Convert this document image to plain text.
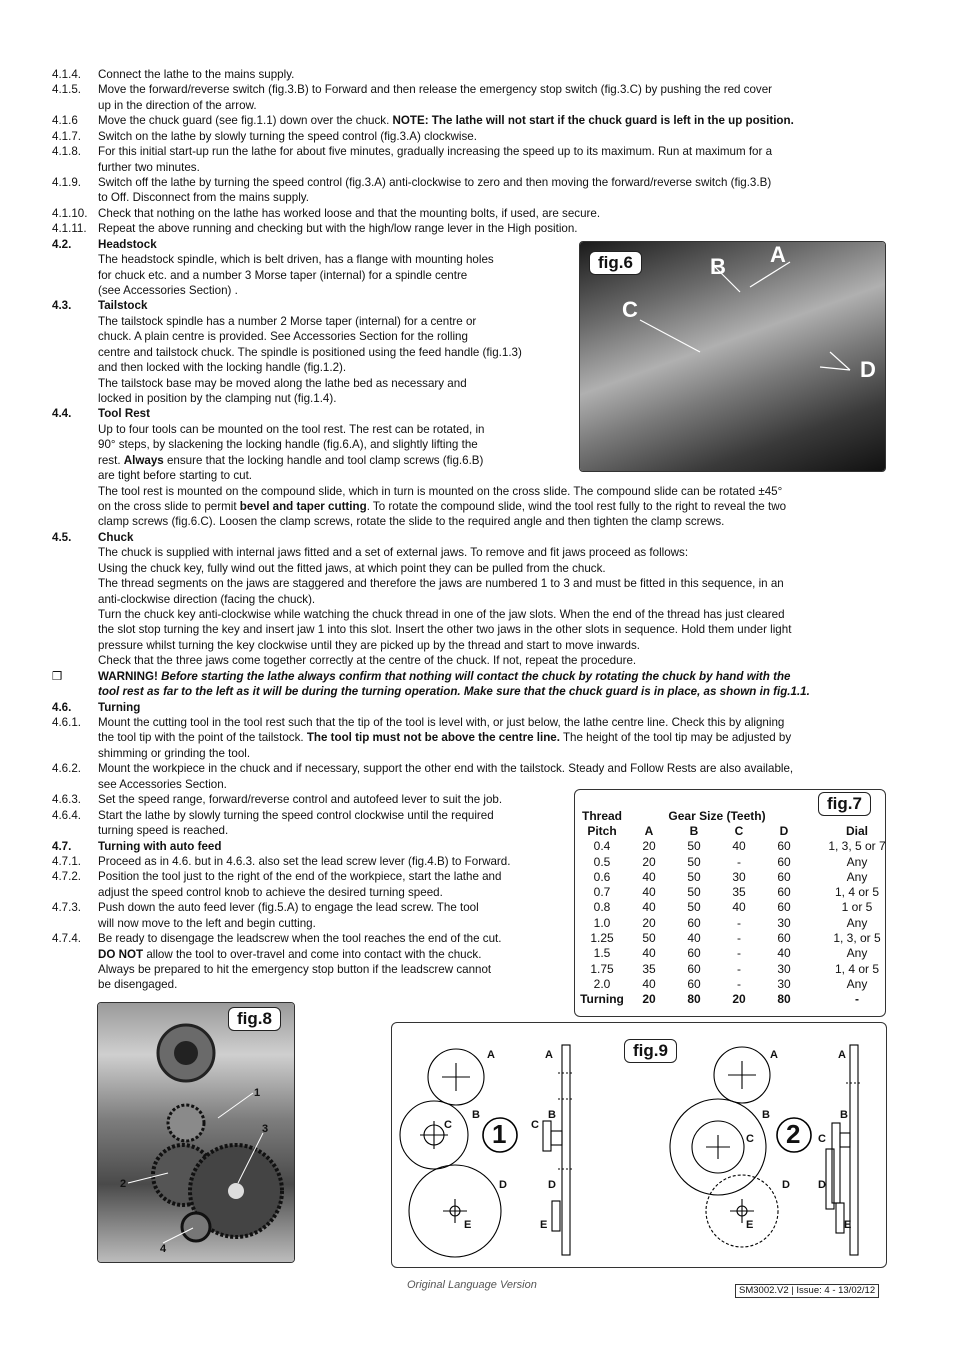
4.1.4. Connect the lathe to the mains supply.
4.1.5. Move the forward/reverse switch (fig.3.B) to Forward and then release the emergency stop switch (fig.3.C) by pushing the red cover
up in the direction of the arrow.
4.1.6 Move the chuck guard (see fig.1.1) down over the chuck. NOTE: The lathe will not start if the chuck guard is left in the up position.
4.1.7. Switch on the lathe by slowly turning the speed control (fig.3.A) clockwise.
4.1.8. For this initial start-up run the lathe for about five minutes, gradually increasing the speed up to its maximum. Run at maximum for a
further two minutes.
4.1.9. Switch off the lathe by turning the speed control (fig.3.A) anti-clockwise to zero and then moving the forward/reverse switch (fig.3.B)
to Off. Disconnect from the mains supply.
4.1.10. Check that nothing on the lathe has worked loose and that the mounting bolts, if used, are secure.
4.1.11. Repeat the above running and checking but with the high/low range lever in the High position.
4.2. Headstock
The headstock spindle, which is belt driven, has a flange with mounting holes
for chuck etc. and a number 3 Morse taper (internal) for a spindle centre
(see Accessories Section) .
4.3. Tailstock
The tailstock spindle has a number 2 Morse taper (internal) for a centre or
chuck. A plain centre is provided. See Accessories Section for the rolling
centre and tailstock chuck. The spindle is positioned using the feed handle (fig.1.3)
and then locked with the locking handle (fig.1.2).
The tailstock base may be moved along the lathe bed as necessary and
locked in position by the clamping nut (fig.1.4).
4.4. Tool Rest
Up to four tools can be mounted on the tool rest. The rest can be rotated, in
90° steps, by slackening the locking handle (fig.6.A), and slightly lifting the
rest. Always ensure that the locking handle and tool clamp screws (fig.6.B)
are tight before starting to cut.
The tool rest is mounted on the compound slide, which in turn is mounted on the cross slide. The compound slide can be rotated ±45°
on the cross slide to permit bevel and taper cutting. To rotate the compound slide, wind the tool rest fully to the right to reveal the two
clamp screws (fig.6.C). Loosen the clamp screws, rotate the slide to the required angle and then tighten the clamp screws.
4.5. Chuck
The chuck is supplied with internal jaws fitted and a set of external jaws. To remove and fit jaws proceed as follows:
Using the chuck key, fully wind out the fitted jaws, at which point they can be pulled from the chuck.
The thread segments on the jaws are staggered and therefore the jaws are numbered 1 to 3 and must be fitted in this sequence, in an
anti-clockwise direction (facing the chuck).
Turn the chuck key anti-clockwise while watching the chuck thread in one of the jaw slots. When the end of the thread has just cleared
the slot stop turning the key and insert jaw 1 into this slot. Insert the other two jaws in the other slots in sequence. Hold them under light
pressure whilst turning the key clockwise until they are picked up by the thread and start to move inwards.
Check that the three jaws come together correctly at the centre of the chuck. If not, repeat the procedure.
❒	WARNING! Before starting the lathe always confirm that nothing will contact the chuck by rotating the chuck by hand with the
tool rest as far to the left as it will be during the turning operation. Make sure that the chuck guard is in place, as shown in fig.1.1.
4.6. Turning
4.6.1. Mount the cutting tool in the tool rest such that the tip of the tool is level with, or just below, the lathe centre line. Check this by aligning
the tool tip with the point of the tailstock. The tool tip must not be above the centre line. The height of the tool tip may be adjusted by
shimming or grinding the tool.
4.6.2. Mount the workpiece in the chuck and if necessary, support the other end with the tailstock. Steady and Follow Rests are also available,
see Accessories Section.
4.6.3. Set the speed range, forward/reverse control and autofeed lever to suit the job.
4.6.4. Start the lathe by slowly turning the speed control clockwise until the required
turning speed is reached.
4.7. Turning with auto feed
4.7.1. Proceed as in 4.6. but in 4.6.3. also set the lead screw lever (fig.4.B) to Forward.
4.7.2. Position the tool just to the right of the end of the workpiece, start the lathe and
adjust the speed control knob to achieve the desired turning speed.
4.7.3. Push down the auto feed lever (fig.5.A) to engage the lead screw. The tool
will now move to the left and begin cutting.
4.7.4. Be ready to disengage the leadscrew when the tool reaches the end of the cut.
DO NOT allow the tool to over-travel and come into contact with the chuck.
Always be prepared to hit the emergency stop button if the leadscrew cannot
be disengaged.
fig.6	A
B
C
D
fig.7
Thread	Gear Size (Teeth)				
Pitch	A	B	C	D	Dial
0.4	20	50	40	60	1, 3, 5 or 7
0.5	20	50	-	60	Any
0.6	40	50	30	60	Any
0.7	40	50	35	60	1, 4 or 5
0.8	40	50	40	60	1 or 5
1.0	20	60	-	30	Any
1.25	50	40	-	60	1, 3, or 5
1.5	40	60	-	40	Any
1.75	35	60	-	30	1, 4 or 5
2.0	40	60	-	30	Any
Turning	20	80	20	80	-
fig.8
1
2
3
4
fig.9
1	2
A	A
B	B
C	C
D	D
E	E
A	A
B	B
C	C
D	D
E	E
Original Language Version	SM3002.V2 | Issue: 4 - 13/02/12
